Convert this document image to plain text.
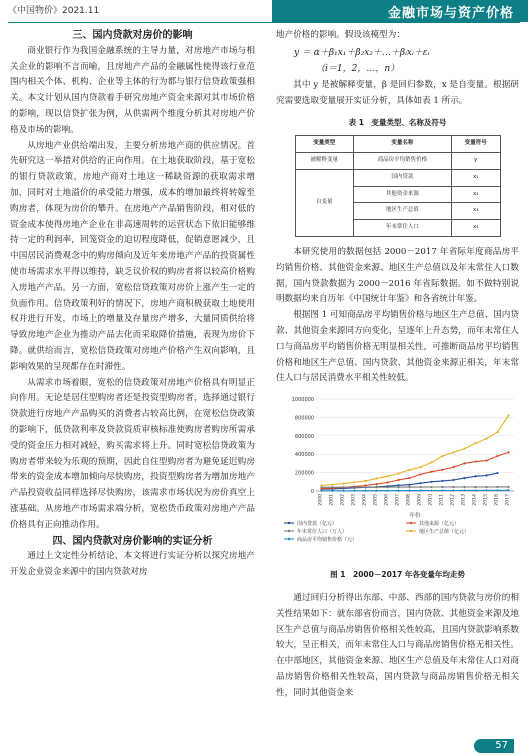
《中国物价》2021.11	金融市场与资产价格

三、国内贷款对房价的影响

商业银行作为我国金融系统的主导力量，对房地产市场与相关企业的影响不言而喻，且房地产产品的金融属性使得该行业范围内相关个体、机构、企业等主体的行为都与银行信贷政策强相关。本文计划从国内贷款着手研究房地产资金来源对其市场价格的影响，现以信贷扩张为例，从供需两个维度分析其对房地产价格及市场的影响。

从房地产业供给端出发，主要分析房地产商的供应情况。首先研究这一举措对供给的正向作用。在土地获取阶段，基于宽松的银行贷款政策，房地产商对土地这一稀缺资源的获取需求增加，同时对土地溢价的承受能力增强，成本的增加最终将转嫁至购房者，体现为房价的攀升。在房地产产品销售阶段，相对低的资金成本使得房地产企业在非高速周转的运营状态下依旧能够维持一定的利润率，回笼资金的迫切程度降低，促销意愿减少，且中国居民消费观念中的购房倾向及近年来房地产产品的投资属性使市场需求水平得以维持，缺乏议价权的购房者将以较高价格购入房地产产品。另一方面，宽松信贷政策对房价上涨产生一定的负面作用。信贷政策利好的情况下，房地产商积极获取土地使用权并进行开发，市场上的增量及存量房产增多，大量同质供给将导致房地产企业为推动产品去化而采取降价措施，表现为房价下降。就供给而言，宽松信贷政策对房地产价格产生双向影响，且影响效果的呈现都存在时滞性。

从需求市场着眼，宽松的信贷政策对房地产价格具有明显正向作用。无论是居住型购房者还是投资型购房者，选择通过银行贷款进行房地产产品购买的消费者占较高比例，在宽松信贷政策的影响下，低贷款利率及贷款资质审核标准使购房者购房所需承受的资金压力相对减轻，购买需求将上升。同时宽松信贷政策为购房者带来较为乐观的预期，因此自住型购房者为避免延迟购房带来的资金成本增加倾向尽快购房，投资型购房者为增加房地产产品投资收益同样选择尽快购房，该需求市场状况为房价真空上涨基础。从房地产市场需求端分析，宽松货币政策对房地产产品价格具有正向推动作用。

四、国内贷款对房价影响的实证分析

通过上文定性分析结论，本文将进行实证分析以探究房地产开发企业资金来源中的国内贷款对房

地产价格的影响。假设该模型为：

y ＝ α＋β₁x₁＋β₂x₂＋…＋βᵢxᵢ＋εᵢ
（i＝1，2，…，n）

其中 y 是被解释变量，β 是回归参数，x 是自变量。根据研究需要选取变量展开实证分析，具体如表 1 所示。

表 1　变量类型、名称及符号
变量类型	变量名称	变量符号
被解释变量	商品房平均销售价格	y
自变量	国内贷款	x₁
	其他资金来源	x₂
	地区生产总值	x₃
	年末常住人口	x₄

本研究使用的数据包括 2000－2017 年省际年度商品房平均销售价格、其他资金来源、地区生产总值以及年末常住人口数据，国内贷款数据为 2000－2016 年省际数据。如不做特别说明数据均来自历年《中国统计年鉴》和各省统计年鉴。

根据图 1 可知商品房平均销售价格与地区生产总值、国内贷款、其他资金来源同方向变化，呈逐年上升态势，而年末常住人口与商品房平均销售价格无明显相关性，可推断商品房平均销售价格和地区生产总值、国内贷款、其他资金来源正相关，年末常住人口与居民消费水平相关性较低。

0
200000
400000
600000
800000
1000000
2000 2001 2002 2003 2004 2005 2006 2007 2008 2009 2010 2011 2012 2013 2014 2015 2016 2017
年份
国内贷款（亿元）	其他来源（亿元）
年末常住人口（万人）	地区生产总值（亿元）
商品房平均销售价格（元）
图 1　2000－2017 年各变量年均走势

通过回归分析得出东部、中部、西部的国内贷款与房价的相关性结果如下：就东部省份而言，国内贷款、其他资金来源及地区生产总值与商品房销售价格相关性较高，且国内贷款影响系数较大，呈正相关，而年末常住人口与商品房销售价格无相关性。在中部地区，其他资金来源、地区生产总值及年末常住人口对商品房销售价格相关性较高，国内贷款与商品房销售价格无相关性，同时其他资金来

57
